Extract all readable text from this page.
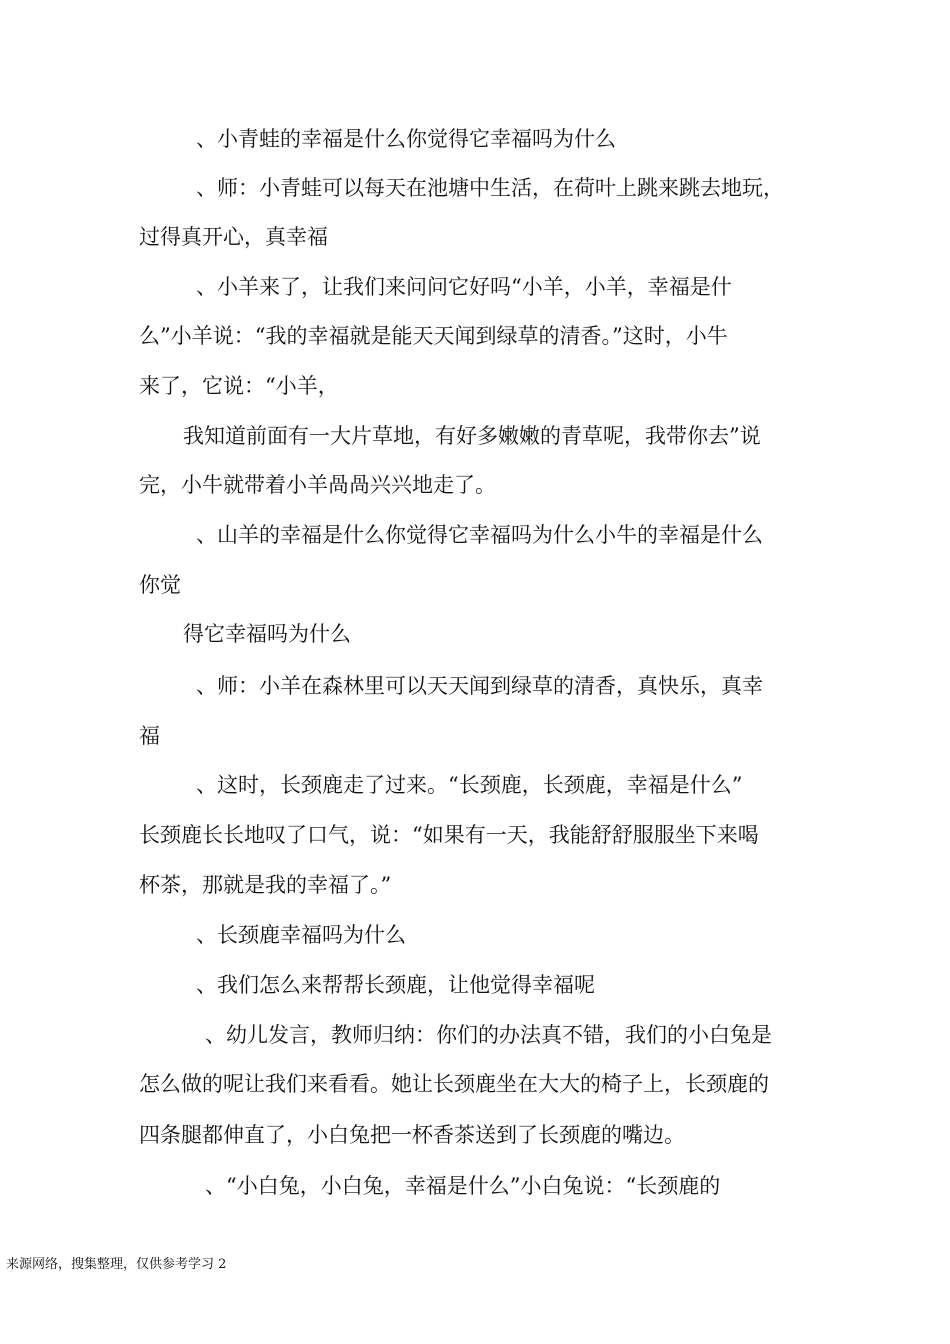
、小青蛙的幸福是什么你觉得它幸福吗为什么
、师：小青蛙可以每天在池塘中生活，在荷叶上跳来跳去地玩，
过得真开心，真幸福
、小羊来了，让我们来问问它好吗“小羊，小羊，幸福是什
么”小羊说：“我的幸福就是能天天闻到绿草的清香。”这时，小牛
来了，它说：“小羊，
我知道前面有一大片草地，有好多嫩嫩的青草呢，我带你去”说
完，小牛就带着小羊咼咼兴兴地走了。
、山羊的幸福是什么你觉得它幸福吗为什么小牛的幸福是什么
你觉
得它幸福吗为什么
、师：小羊在森林里可以天天闻到绿草的清香，真快乐，真幸
福
、这时，长颈鹿走了过来。“长颈鹿，长颈鹿，幸福是什么”
长颈鹿长长地叹了口气，说：“如果有一天，我能舒舒服服坐下来喝
杯茶，那就是我的幸福了。”
、长颈鹿幸福吗为什么
、我们怎么来帮帮长颈鹿，让他觉得幸福呢
、幼儿发言，教师归纳：你们的办法真不错，我们的小白兔是
怎么做的呢让我们来看看。她让长颈鹿坐在大大的椅子上，长颈鹿的
四条腿都伸直了，小白兔把一杯香茶送到了长颈鹿的嘴边。
、“小白兔，小白兔，幸福是什么”小白兔说：“长颈鹿的
来源网络，搜集整理，仅供参考学习 2
